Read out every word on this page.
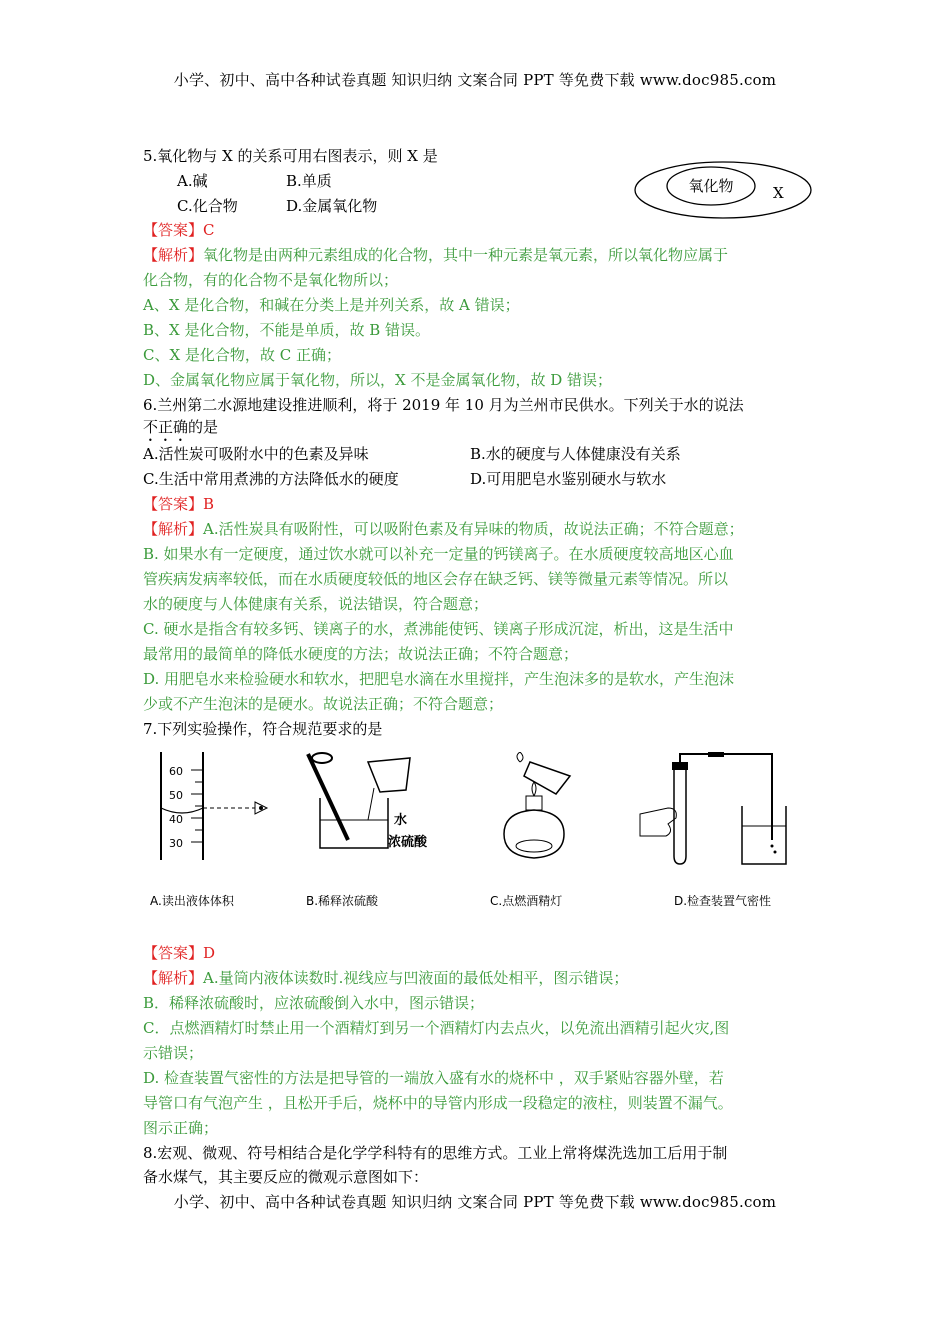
小学、初中、高中各种试卷真题 知识归纳 文案合同 PPT 等免费下载 www.doc985.com
5.氧化物与 X 的关系可用右图表示，则 X 是
A.碱	B.单质
C.化合物	D.金属氧化物
氧化物	X
【答案】C
【解析】氧化物是由两种元素组成的化合物，其中一种元素是氧元素，所以氧化物应属于
化合物，有的化合物不是氧化物所以；
A、X 是化合物，和碱在分类上是并列关系，故 A 错误；
B、X 是化合物，不能是单质，故 B 错误。
C、X 是化合物，故 C 正确；
D、金属氧化物应属于氧化物，所以，X 不是金属氧化物，故 D 错误；
6.兰州第二水源地建设推进顺利，将于 2019 年 10 月为兰州市民供水。下列关于水的说法
不正确的是
A.活性炭可吸附水中的色素及异味	B.水的硬度与人体健康没有关系
C.生活中常用煮沸的方法降低水的硬度	D.可用肥皂水鉴别硬水与软水
【答案】B
【解析】A.活性炭具有吸附性，可以吸附色素及有异味的物质，故说法正确；不符合题意；
B. 如果水有一定硬度，通过饮水就可以补充一定量的钙镁离子。在水质硬度较高地区心血
管疾病发病率较低，而在水质硬度较低的地区会存在缺乏钙、镁等微量元素等情况。所以
水的硬度与人体健康有关系，说法错误，符合题意；
C. 硬水是指含有较多钙、镁离子的水，煮沸能使钙、镁离子形成沉淀，析出，这是生活中
最常用的最简单的降低水硬度的方法；故说法正确；不符合题意；
D. 用肥皂水来检验硬水和软水，把肥皂水滴在水里搅拌，产生泡沫多的是软水，产生泡沫
少或不产生泡沫的是硬水。故说法正确；不符合题意；
7.下列实验操作，符合规范要求的是
60
50
40
30
水
浓硫酸
A.读出液体体积	B.稀释浓硫酸	C.点燃酒精灯	D.检查装置气密性
【答案】D
【解析】A.量筒内液体读数时.视线应与凹液面的最低处相平，图示错误；
B．稀释浓硫酸时，应浓硫酸倒入水中，图示错误；
C．点燃酒精灯时禁止用一个酒精灯到另一个酒精灯内去点火，以免流出酒精引起火灾,图
示错误；
D. 检查装置气密性的方法是把导管的一端放入盛有水的烧杯中 ，双手紧贴容器外壁，若
导管口有气泡产生 ，且松开手后，烧杯中的导管内形成一段稳定的液柱，则装置不漏气。
图示正确；
8.宏观、微观、符号相结合是化学学科特有的思维方式。工业上常将煤洗选加工后用于制
备水煤气，其主要反应的微观示意图如下：
小学、初中、高中各种试卷真题 知识归纳 文案合同 PPT 等免费下载 www.doc985.com
